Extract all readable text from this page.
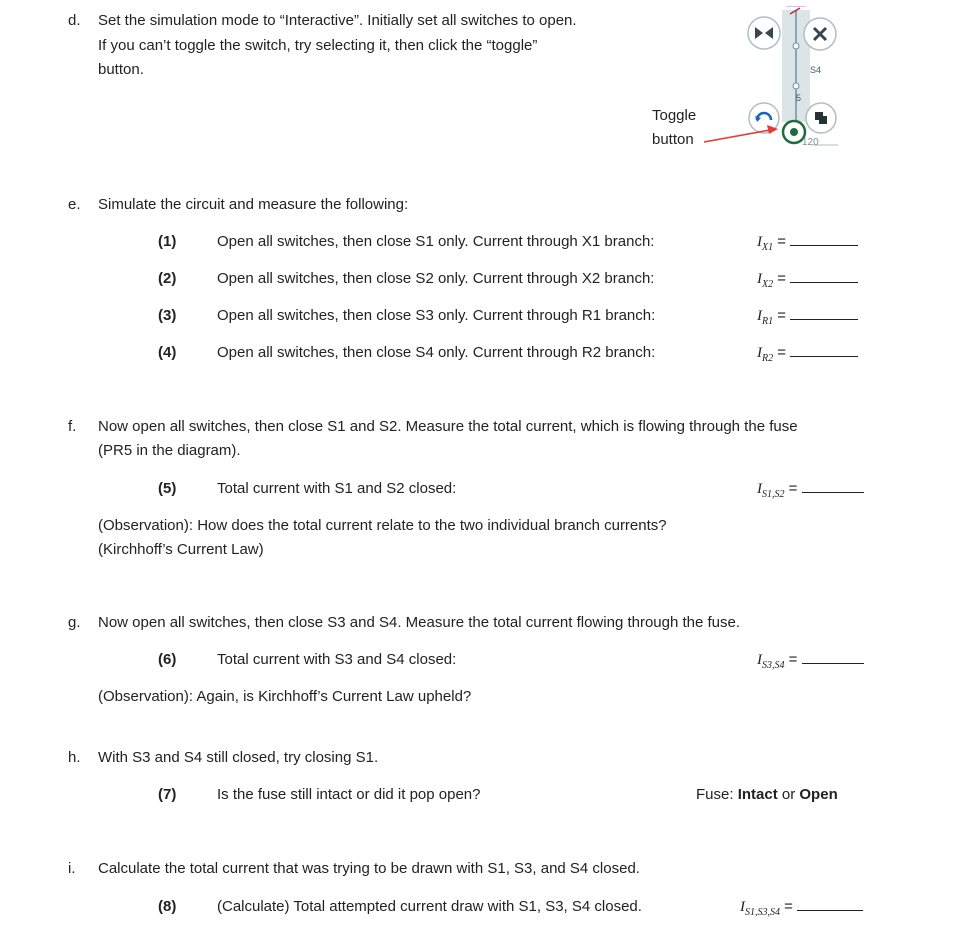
d. Set the simulation mode to “Interactive”. Initially set all switches to open.
If you can’t toggle the switch, try selecting it, then click the “toggle”
button.
Toggle
button
S4
5
120
e. Simulate the circuit and measure the following:
(1)	Open all switches, then close S1 only. Current through X1 branch:	$I_{X1}$ =
(2)	Open all switches, then close S2 only. Current through X2 branch:	$I_{X2}$ =
(3)	Open all switches, then close S3 only. Current through R1 branch:	$I_{R1}$ =
(4)	Open all switches, then close S4 only. Current through R2 branch:	$I_{R2}$ =
f. Now open all switches, then close S1 and S2. Measure the total current, which is flowing through the fuse
(PR5 in the diagram).
(5)	Total current with S1 and S2 closed:	$I_{S1,S2}$ =
(Observation): How does the total current relate to the two individual branch currents?
(Kirchhoff’s Current Law)
g. Now open all switches, then close S3 and S4. Measure the total current flowing through the fuse.
(6)	Total current with S3 and S4 closed:	$I_{S3,S4}$ =
(Observation): Again, is Kirchhoff’s Current Law upheld?
h. With S3 and S4 still closed, try closing S1.
(7)	Is the fuse still intact or did it pop open?	Fuse: Intact or Open
i. Calculate the total current that was trying to be drawn with S1, S3, and S4 closed.
(8)	(Calculate) Total attempted current draw with S1, S3, S4 closed.	$I_{S1,S3,S4}$ =
